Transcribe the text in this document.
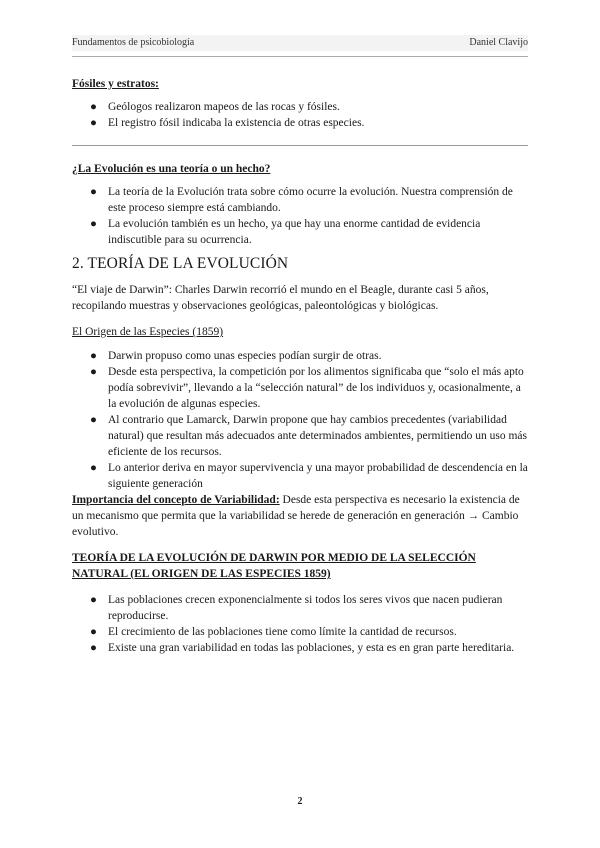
Fundamentos de psicobiología	Daniel Clavijo
Fósiles y estratos:
● Geólogos realizaron mapeos de las rocas y fósiles.
● El registro fósil indicaba la existencia de otras especies.
¿La Evolución es una teoría o un hecho?
● La teoría de la Evolución trata sobre cómo ocurre la evolución. Nuestra comprensión de este proceso siempre está cambiando.
● La evolución también es un hecho, ya que hay una enorme cantidad de evidencia indiscutible para su ocurrencia.
2. TEORÍA DE LA EVOLUCIÓN

“El viaje de Darwin”: Charles Darwin recorrió el mundo en el Beagle, durante casi 5 años, recopilando muestras y observaciones geológicas, paleontológicas y biológicas.

El Origen de las Especies (1859)
● Darwin propuso como unas especies podían surgir de otras.
● Desde esta perspectiva, la competición por los alimentos significaba que “solo el más apto podía sobrevivir”, llevando a la “selección natural” de los individuos y, ocasionalmente, a la evolución de algunas especies.
● Al contrario que Lamarck, Darwin propone que hay cambios precedentes (variabilidad natural) que resultan más adecuados ante determinados ambientes, permitiendo un uso más eficiente de los recursos.
● Lo anterior deriva en mayor supervivencia y una mayor probabilidad de descendencia en la siguiente generación

Importancia del concepto de Variabilidad: Desde esta perspectiva es necesario la existencia de un mecanismo que permita que la variabilidad se herede de generación en generación → Cambio evolutivo.

TEORÍA DE LA EVOLUCIÓN DE DARWIN POR MEDIO DE LA SELECCIÓN NATURAL (EL ORIGEN DE LAS ESPECIES 1859)
● Las poblaciones crecen exponencialmente si todos los seres vivos que nacen pudieran reproducirse.
● El crecimiento de las poblaciones tiene como límite la cantidad de recursos.
● Existe una gran variabilidad en todas las poblaciones, y esta es en gran parte hereditaria.
2
